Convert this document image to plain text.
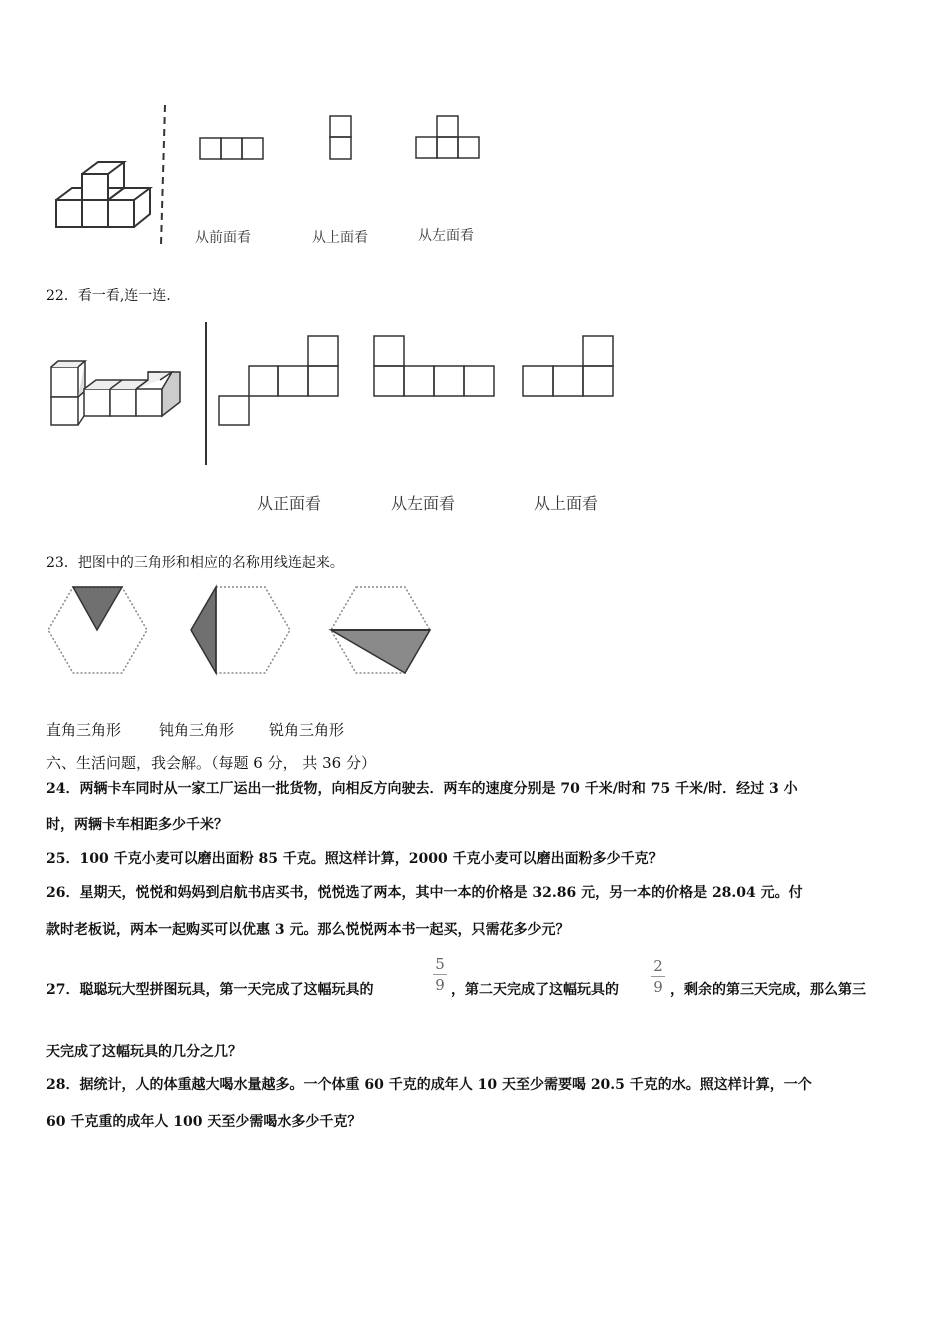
从前面看	从上面看	从左面看
22．看一看,连一连.
从正面看	从左面看	从上面看
23．把图中的三角形和相应的名称用线连起来。
直角三角形	钝角三角形 锐角三角形
六、生活问题，我会解。（每题 6 分， 共 36 分）
24．两辆卡车同时从一家工厂运出一批货物，向相反方向驶去．两车的速度分别是 70 千米/时和 75 千米/时．经过 3 小
时，两辆卡车相距多少千米？
25．100 千克小麦可以磨出面粉 85 千克。照这样计算，2000 千克小麦可以磨出面粉多少千克？
26．星期天，悦悦和妈妈到启航书店买书，悦悦选了两本，其中一本的价格是 32.86 元，另一本的价格是 28.04 元。付
款时老板说，两本一起购买可以优惠 3 元。那么悦悦两本书一起买，只需花多少元？
27．聪聪玩大型拼图玩具，第一天完成了这幅玩具的
5
9 ，第二天完成了这幅玩具的
2
9 ，剩余的第三天完成，那么第三
天完成了这幅玩具的几分之几？
28．据统计，人的体重越大喝水量越多。一个体重 60 千克的成年人 10 天至少需要喝 20.5 千克的水。照这样计算，一个
60 千克重的成年人 100 天至少需喝水多少千克？
